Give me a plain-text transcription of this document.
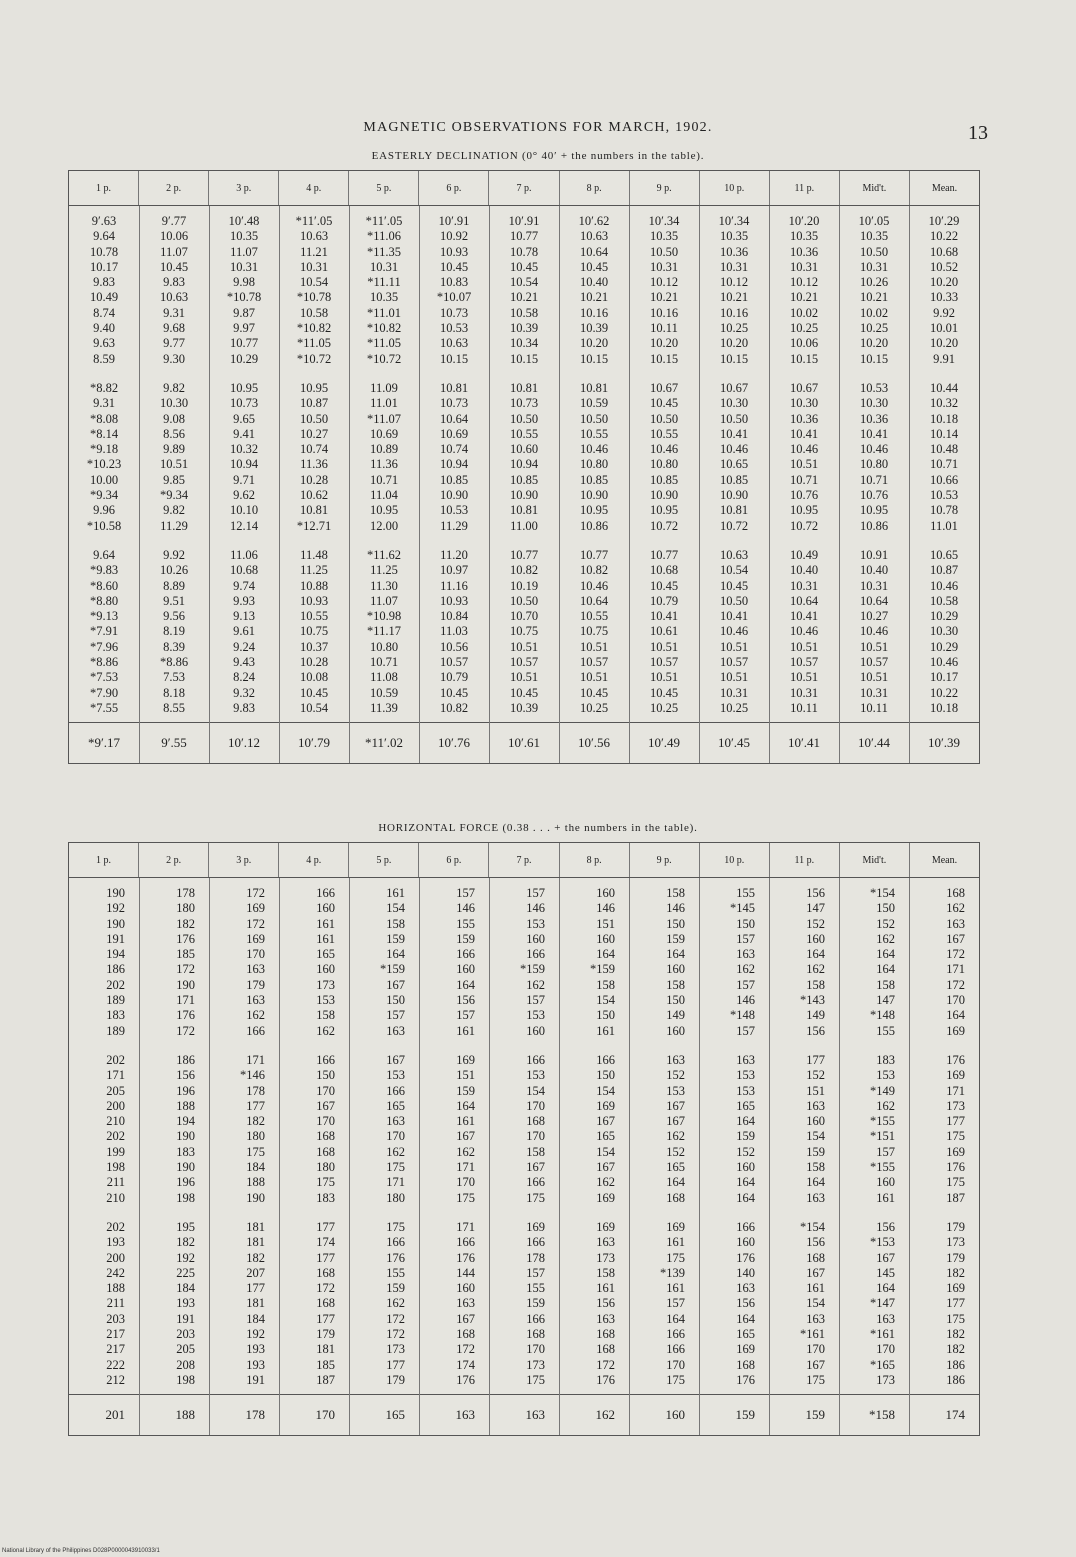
MAGNETIC OBSERVATIONS FOR MARCH, 1902.	13
EASTERLY DECLINATION (0° 40′ + the numbers in the table).
1 p.	2 p.	3 p.	4 p.	5 p.	6 p.	7 p.	8 p.	9 p.	10 p.	11 p.	Mid't.	Mean.
9′.63	9′.77	10′.48	*11′.05	*11′.05	10′.91	10′.91	10′.62	10′.34	10′.34	10′.20	10′.05	10′.29
9.64	10.06	10.35	10.63	*11.06	10.92	10.77	10.63	10.35	10.35	10.35	10.35	10.22
10.78	11.07	11.07	11.21	*11.35	10.93	10.78	10.64	10.50	10.36	10.36	10.50	10.68
10.17	10.45	10.31	10.31	10.31	10.45	10.45	10.45	10.31	10.31	10.31	10.31	10.52
9.83	9.83	9.98	10.54	*11.11	10.83	10.54	10.40	10.12	10.12	10.12	10.26	10.20
10.49	10.63	*10.78	*10.78	10.35	*10.07	10.21	10.21	10.21	10.21	10.21	10.21	10.33
8.74	9.31	9.87	10.58	*11.01	10.73	10.58	10.16	10.16	10.16	10.02	10.02	9.92
9.40	9.68	9.97	*10.82	*10.82	10.53	10.39	10.39	10.11	10.25	10.25	10.25	10.01
9.63	9.77	10.77	*11.05	*11.05	10.63	10.34	10.20	10.20	10.20	10.06	10.20	10.20
8.59	9.30	10.29	*10.72	*10.72	10.15	10.15	10.15	10.15	10.15	10.15	10.15	9.91
*8.82	9.82	10.95	10.95	11.09	10.81	10.81	10.81	10.67	10.67	10.67	10.53	10.44
9.31	10.30	10.73	10.87	11.01	10.73	10.73	10.59	10.45	10.30	10.30	10.30	10.32
*8.08	9.08	9.65	10.50	*11.07	10.64	10.50	10.50	10.50	10.50	10.36	10.36	10.18
*8.14	8.56	9.41	10.27	10.69	10.69	10.55	10.55	10.55	10.41	10.41	10.41	10.14
*9.18	9.89	10.32	10.74	10.89	10.74	10.60	10.46	10.46	10.46	10.46	10.46	10.48
*10.23	10.51	10.94	11.36	11.36	10.94	10.94	10.80	10.80	10.65	10.51	10.80	10.71
10.00	9.85	9.71	10.28	10.71	10.85	10.85	10.85	10.85	10.85	10.71	10.71	10.66
*9.34	*9.34	9.62	10.62	11.04	10.90	10.90	10.90	10.90	10.90	10.76	10.76	10.53
9.96	9.82	10.10	10.81	10.95	10.53	10.81	10.95	10.95	10.81	10.95	10.95	10.78
*10.58	11.29	12.14	*12.71	12.00	11.29	11.00	10.86	10.72	10.72	10.72	10.86	11.01
9.64	9.92	11.06	11.48	*11.62	11.20	10.77	10.77	10.77	10.63	10.49	10.91	10.65
*9.83	10.26	10.68	11.25	11.25	10.97	10.82	10.82	10.68	10.54	10.40	10.40	10.87
*8.60	8.89	9.74	10.88	11.30	11.16	10.19	10.46	10.45	10.45	10.31	10.31	10.46
*8.80	9.51	9.93	10.93	11.07	10.93	10.50	10.64	10.79	10.50	10.64	10.64	10.58
*9.13	9.56	9.13	10.55	*10.98	10.84	10.70	10.55	10.41	10.41	10.41	10.27	10.29
*7.91	8.19	9.61	10.75	*11.17	11.03	10.75	10.75	10.61	10.46	10.46	10.46	10.30
*7.96	8.39	9.24	10.37	10.80	10.56	10.51	10.51	10.51	10.51	10.51	10.51	10.29
*8.86	*8.86	9.43	10.28	10.71	10.57	10.57	10.57	10.57	10.57	10.57	10.57	10.46
*7.53	7.53	8.24	10.08	11.08	10.79	10.51	10.51	10.51	10.51	10.51	10.51	10.17
*7.90	8.18	9.32	10.45	10.59	10.45	10.45	10.45	10.45	10.31	10.31	10.31	10.22
*7.55	8.55	9.83	10.54	11.39	10.82	10.39	10.25	10.25	10.25	10.11	10.11	10.18
*9′.17	9′.55	10′.12	10′.79	*11′.02	10′.76	10′.61	10′.56	10′.49	10′.45	10′.41	10′.44	10′.39
HORIZONTAL FORCE (0.38 . . . + the numbers in the table).
1 p.	2 p.	3 p.	4 p.	5 p.	6 p.	7 p.	8 p.	9 p.	10 p.	11 p.	Mid't.	Mean.
190	178	172	166	161	157	157	160	158	155	156	*154	168
192	180	169	160	154	146	146	146	146	*145	147	150	162
190	182	172	161	158	155	153	151	150	150	152	152	163
191	176	169	161	159	159	160	160	159	157	160	162	167
194	185	170	165	164	166	166	164	164	163	164	164	172
186	172	163	160	*159	160	*159	*159	160	162	162	164	171
202	190	179	173	167	164	162	158	158	157	158	158	172
189	171	163	153	150	156	157	154	150	146	*143	147	170
183	176	162	158	157	157	153	150	149	*148	149	*148	164
189	172	166	162	163	161	160	161	160	157	156	155	169
202	186	171	166	167	169	166	166	163	163	177	183	176
171	156	*146	150	153	151	153	150	152	153	152	153	169
205	196	178	170	166	159	154	154	153	153	151	*149	171
200	188	177	167	165	164	170	169	167	165	163	162	173
210	194	182	170	163	161	168	167	167	164	160	*155	177
202	190	180	168	170	167	170	165	162	159	154	*151	175
199	183	175	168	162	162	158	154	152	152	159	157	169
198	190	184	180	175	171	167	167	165	160	158	*155	176
211	196	188	175	171	170	166	162	164	164	164	160	175
210	198	190	183	180	175	175	169	168	164	163	161	187
202	195	181	177	175	171	169	169	169	166	*154	156	179
193	182	181	174	166	166	166	163	161	160	156	*153	173
200	192	182	177	176	176	178	173	175	176	168	167	179
242	225	207	168	155	144	157	158	*139	140	167	145	182
188	184	177	172	159	160	155	161	161	163	161	164	169
211	193	181	168	162	163	159	156	157	156	154	*147	177
203	191	184	177	172	167	166	163	164	164	163	163	175
217	203	192	179	172	168	168	168	166	165	*161	*161	182
217	205	193	181	173	172	170	168	166	169	170	170	182
222	208	193	185	177	174	173	172	170	168	167	*165	186
212	198	191	187	179	176	175	176	175	176	175	173	186
201	188	178	170	165	163	163	162	160	159	159	*158	174
National Library of the Philippines D028P0000043910033/1
